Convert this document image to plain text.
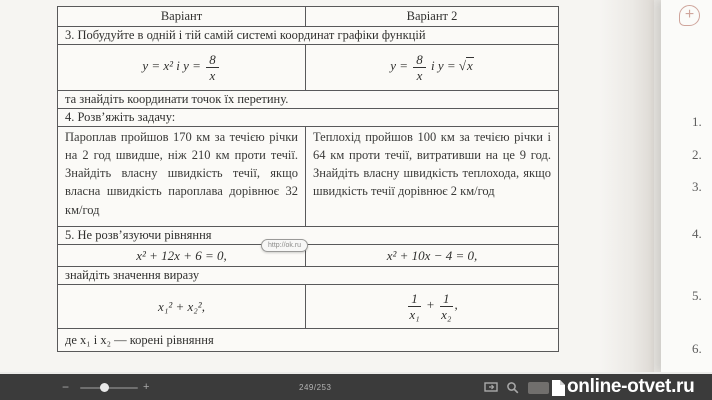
Варіант	Варіант 2
3. Побудуйте в одній і тій самій системі координат графіки функцій	
y = x² і $y = \frac{8}{x}$	$y = \frac{8}{x}$ і y = √x
та знайдіть координати точок їх перетину.	
4. Розв’яжіть задачу:	
Пароплав пройшов 170 км за течією річки на 2 год швидше, ніж 210 км проти течії. Знайдіть власну швидкість течії, якщо власна швидкість пароплава дорівнює 32 км/год	Теплохід пройшов 100 км за течією річки і 64 км проти течії, витративши на це 9 год. Знайдіть власну швидкість теплохода, якщо швидкість течії дорівнює 2 км/год
5. Не розв’язуючи рівняння	
x² + 12x + 6 = 0,	x² + 10x − 4 = 0,
знайдіть значення виразу	
x₁² + x₂²,	$\frac{1}{\text{x₁}} + \frac{1}{\text{x₂}}$ ,
де x₁ і x₂ — корені рівняння	
http://ok.ru
1.
2.
3.
4.
5.
6.
+
−	+	249/253	online-otvet.ru
